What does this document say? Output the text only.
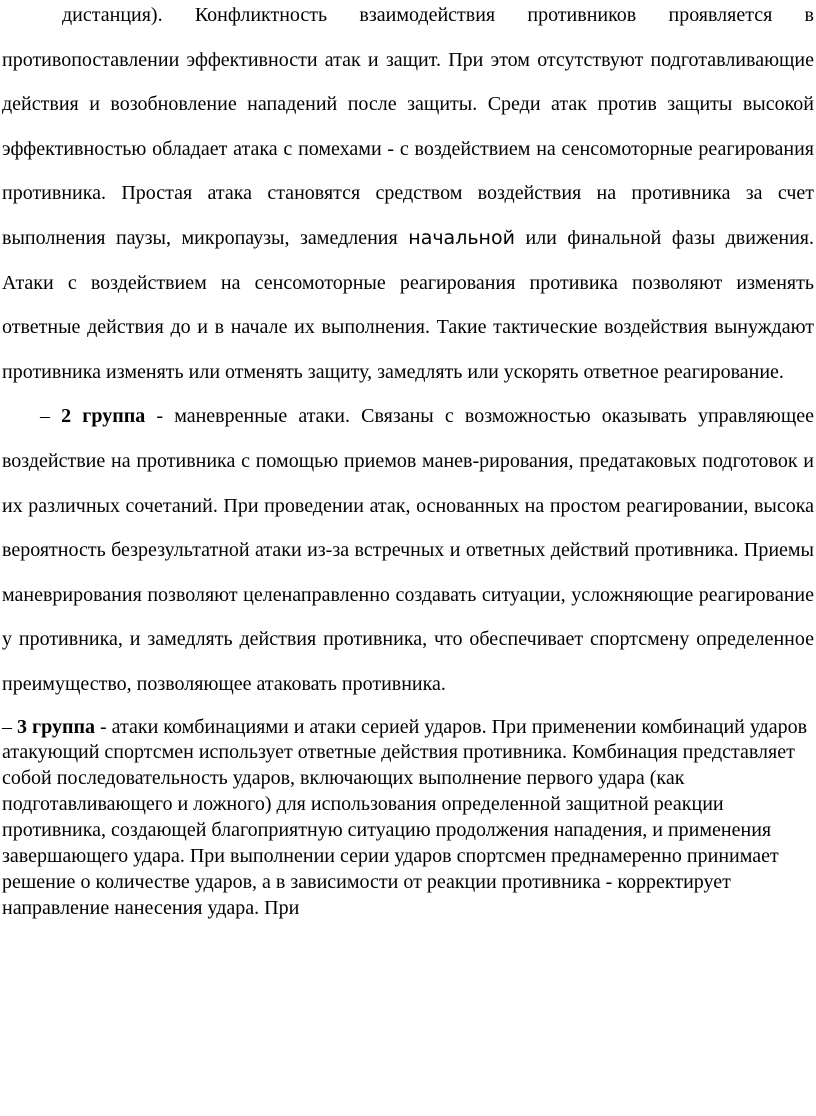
дистанция). Конфликтность взаимодействия противников проявляется в противопоставлении эффективности атак и защит. При этом отсутствуют подготавливающие действия и возобновление нападений после защиты. Среди атак против защиты высокой эффективностью обладает атака с помехами - с воздействием на сенсомоторные реагирования противника. Простая атака становятся средством воздействия на противника за счет выполнения паузы, микропаузы, замедления начальной или финальной фазы движения. Атаки с воздействием на сенсомоторные реагирования противика позволяют изменять ответные действия до и в начале их выполнения. Такие тактические воздействия вынуждают противника изменять или отменять защиту, замедлять или ускорять ответное реагирование.

– 2 группа - маневренные атаки. Связаны с возможностью оказывать управляющее воздействие на противника с помощью приемов манев-рирования, предатаковых подготовок и их различных сочетаний. При проведении атак, основанных на простом реагировании, высока вероятность безрезультатной атаки из-за встречных и ответных действий противника. Приемы маневрирования позволяют целенаправленно создавать ситуации, усложняющие реагирование у противника, и замедлять действия противника, что обеспечивает спортсмену определенное преимущество, позволяющее атаковать противника.

– 3 группа - атаки комбинациями и атаки серией ударов. При применении комбинаций ударов атакующий спортсмен использует ответные действия противника. Комбинация представляет собой последовательность ударов, включающих выполнение первого удара (как подготавливающего и ложного) для использования определенной защитной реакции противника, создающей благоприятную ситуацию продолжения нападения, и применения завершающего удара. При выполнении серии ударов спортсмен преднамеренно принимает решение о количестве ударов, а в зависимости от реакции противника - корректирует направление нанесения удара. При
